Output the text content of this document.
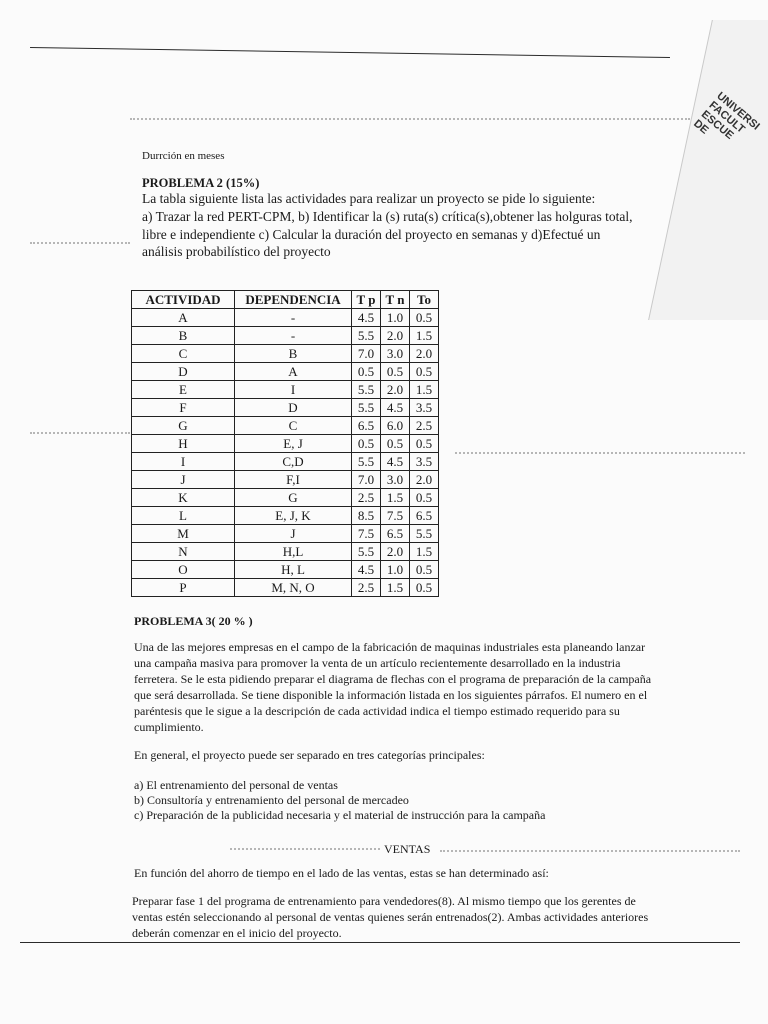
UNIVERSI FACULT ESCUE DE
Durrción en meses
PROBLEMA 2 (15%)
La tabla siguiente lista las actividades para realizar un proyecto se pide lo siguiente:
a) Trazar la red PERT-CPM, b) Identificar la (s) ruta(s) crítica(s),obtener las holguras total,
libre e independiente c) Calcular la duración del proyecto en semanas y d)Efectué un
análisis probabilístico del proyecto
ACTIVIDAD	DEPENDENCIA	T p	T n	To
A	-	4.5	1.0	0.5
B	-	5.5	2.0	1.5
C	B	7.0	3.0	2.0
D	A	0.5	0.5	0.5
E	I	5.5	2.0	1.5
F	D	5.5	4.5	3.5
G	C	6.5	6.0	2.5
H	E, J	0.5	0.5	0.5
I	C,D	5.5	4.5	3.5
J	F,I	7.0	3.0	2.0
K	G	2.5	1.5	0.5
L	E, J, K	8.5	7.5	6.5
M	J	7.5	6.5	5.5
N	H,L	5.5	2.0	1.5
O	H, L	4.5	1.0	0.5
P	M, N, O	2.5	1.5	0.5
PROBLEMA 3( 20 % )
Una de las mejores empresas en el campo de la fabricación de maquinas industriales esta planeando lanzar
una campaña masiva para promover la venta de un artículo recientemente desarrollado en la industria
ferretera. Se le esta pidiendo preparar el diagrama de flechas con el programa de preparación de la campaña
que será desarrollada. Se tiene disponible la información listada en los siguientes párrafos. El numero en el
paréntesis que le sigue a la descripción de cada actividad indica el tiempo estimado requerido para su
cumplimiento.
En general, el proyecto puede ser separado en tres categorías principales:
a) El entrenamiento del personal de ventas
b) Consultoría y entrenamiento del personal de mercadeo
c) Preparación de la publicidad necesaria y el material de instrucción para la campaña
VENTAS
En función del ahorro de tiempo en el lado de las ventas, estas se han determinado así:
Preparar fase 1 del programa de entrenamiento para vendedores(8). Al mismo tiempo que los gerentes de
ventas estén seleccionando al personal de ventas quienes serán entrenados(2). Ambas actividades anteriores
deberán comenzar en el inicio del proyecto.
